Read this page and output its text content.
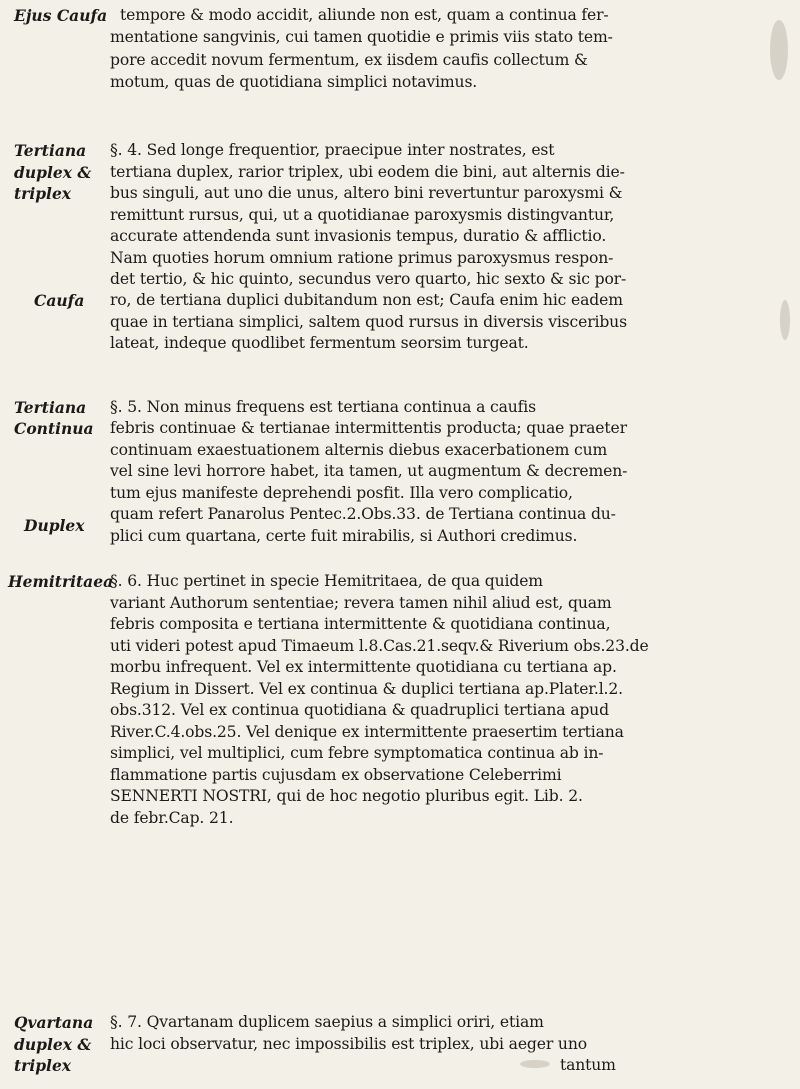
Ejus Caufa
Tertiana
duplex &
triplex
Caufa
Tertiana
Continua
Duplex
Hemitritaea
Qvartana
duplex &
triplex
tempore & modo accidit, aliunde non est, quam a continua fer-
mentatione sangvinis, cui tamen quotidie e primis viis stato tem-
pore accedit novum fermentum, ex iisdem caufis collectum &
motum, quas de quotidiana simplici notavimus.
§. 4. Sed longe frequentior, praecipue inter nostrates, est
tertiana duplex, rarior triplex, ubi eodem die bini, aut alternis die-
bus singuli, aut uno die unus, altero bini revertuntur paroxysmi &
remittunt rursus, qui, ut a quotidianae paroxysmis distingvantur,
accurate attendenda sunt invasionis tempus, duratio & afflictio.
Nam quoties horum omnium ratione primus paroxysmus respon-
det tertio, & hic quinto, secundus vero quarto, hic sexto & sic por-
ro, de tertiana duplici dubitandum non est; Caufa enim hic eadem
quae in tertiana simplici, saltem quod rursus in diversis visceribus
lateat, indeque quodlibet fermentum seorsim turgeat.
§. 5. Non minus frequens est tertiana continua a caufis
febris continuae & tertianae intermittentis producta; quae praeter
continuam exaestuationem alternis diebus exacerbationem cum
vel sine levi horrore habet, ita tamen, ut augmentum & decremen-
tum ejus manifeste deprehendi posfit. Illa vero complicatio,
quam refert Panarolus Pentec.2.Obs.33. de Tertiana continua du-
plici cum quartana, certe fuit mirabilis, si Authori credimus.
§. 6. Huc pertinet in specie Hemitritaea, de qua quidem
variant Authorum sententiae; revera tamen nihil aliud est, quam
febris composita e tertiana intermittente & quotidiana continua,
uti videri potest apud Timaeum l.8.Cas.21.seqv.& Riverium obs.23.de
morbu infrequent. Vel ex intermittente quotidiana cu tertiana ap.
Regium in Dissert. Vel ex continua & duplici tertiana ap.Plater.l.2.
obs.312. Vel ex continua quotidiana & quadruplici tertiana apud
River.C.4.obs.25. Vel denique ex intermittente praesertim tertiana
simplici, vel multiplici, cum febre symptomatica continua ab in-
flammatione partis cujusdam ex observatione Celeberrimi
SENNERTI NOSTRI, qui de hoc negotio pluribus egit. Lib. 2.
de febr.Cap. 21.
§. 7. Qvartanam duplicem saepius a simplici oriri, etiam
hic loci observatur, nec impossibilis est triplex, ubi aeger uno
tantum
